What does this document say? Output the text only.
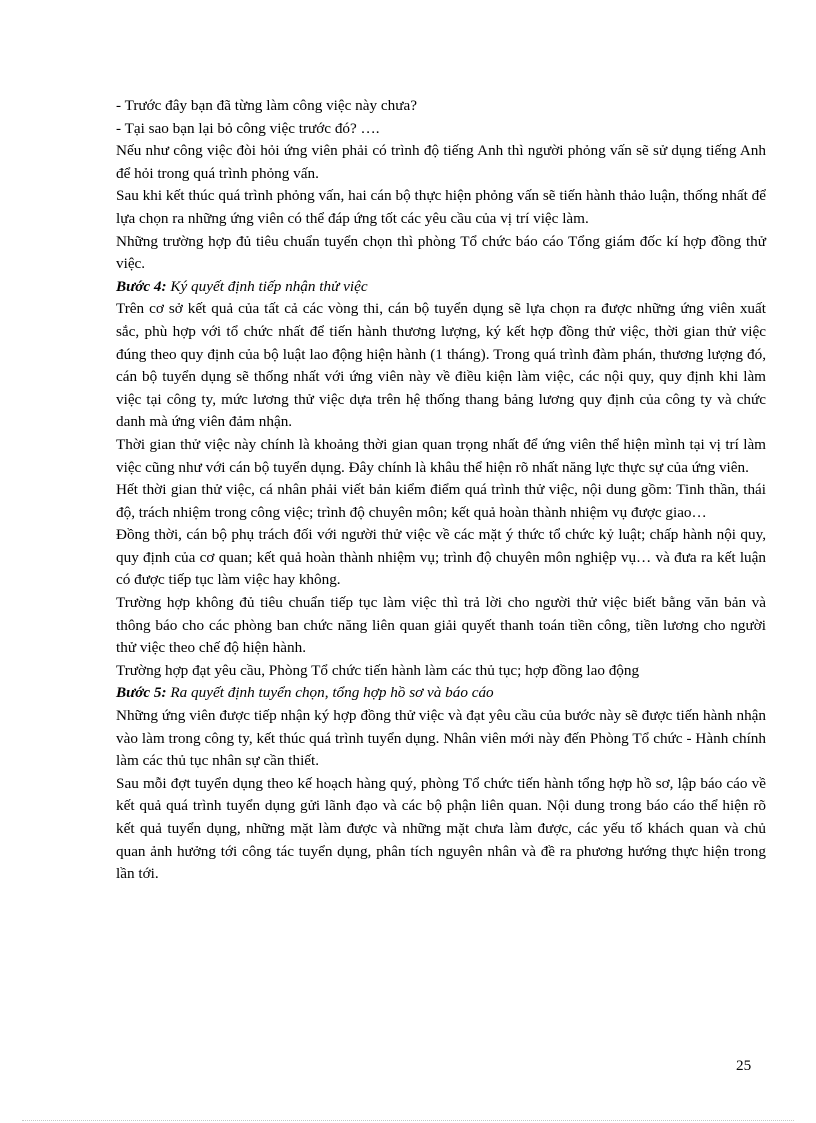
- Trước đây bạn đã từng làm công việc này chưa?

- Tại sao bạn lại bỏ công việc trước đó? ….

Nếu như công việc đòi hỏi ứng viên phải có trình độ tiếng Anh thì người phỏng vấn sẽ sử dụng tiếng Anh để hỏi trong quá trình phỏng vấn.

Sau khi kết thúc quá trình phỏng vấn, hai cán bộ thực hiện phỏng vấn sẽ tiến hành thảo luận, thống nhất để lựa chọn ra những ứng viên có thể đáp ứng tốt các yêu cầu của vị trí việc làm.

Những trường hợp đủ tiêu chuẩn tuyển chọn thì phòng Tổ chức báo cáo Tổng giám đốc kí hợp đồng thử việc.

Bước 4: Ký quyết định tiếp nhận thử việc

Trên cơ sở kết quả của tất cả các vòng thi, cán bộ tuyển dụng sẽ lựa chọn ra được những ứng viên xuất sắc, phù hợp với tổ chức nhất để tiến hành thương lượng, ký kết hợp đồng thử việc, thời gian thử việc đúng theo quy định của bộ luật lao động hiện hành (1 tháng). Trong quá trình đàm phán, thương lượng đó, cán bộ tuyển dụng sẽ thống nhất với ứng viên này về điều kiện làm việc, các nội quy, quy định khi làm việc tại công ty, mức lương thử việc dựa trên hệ thống thang bảng lương quy định của công ty và chức danh mà ứng viên đảm nhận.

Thời gian thử việc này chính là khoảng thời gian quan trọng nhất để ứng viên thể hiện mình tại vị trí làm việc cũng như với cán bộ tuyển dụng. Đây chính là khâu thể hiện rõ nhất năng lực thực sự của ứng viên.

Hết thời gian thử việc, cá nhân phải viết bản kiểm điểm quá trình thử việc, nội dung gồm: Tinh thần, thái độ, trách nhiệm trong công việc; trình độ chuyên môn; kết quả hoàn thành nhiệm vụ được giao…

Đồng thời, cán bộ phụ trách đối với người thử việc về các mặt ý thức tổ chức kỷ luật; chấp hành nội quy, quy định của cơ quan; kết quả hoàn thành nhiệm vụ; trình độ chuyên môn nghiệp vụ… và đưa ra kết luận có được tiếp tục làm việc hay không.

Trường hợp không đủ tiêu chuẩn tiếp tục làm việc thì trả lời cho người thử việc biết bằng văn bản và thông báo cho các phòng ban chức năng liên quan giải quyết thanh toán tiền công, tiền lương cho người thử việc theo chế độ hiện hành.

Trường hợp đạt yêu cầu, Phòng Tổ chức tiến hành làm các thủ tục; hợp đồng lao động

Bước 5: Ra quyết định tuyển chọn, tổng hợp hồ sơ và báo cáo

Những ứng viên được tiếp nhận ký hợp đồng thử việc và đạt yêu cầu của bước này sẽ được tiến hành nhận vào làm trong công ty, kết thúc quá trình tuyển dụng. Nhân viên mới này đến Phòng Tổ chức - Hành chính làm các thủ tục nhân sự cần thiết.

Sau mỗi đợt tuyển dụng theo kế hoạch hàng quý, phòng Tổ chức tiến hành tổng hợp hồ sơ, lập báo cáo về kết quả quá trình tuyển dụng gửi lãnh đạo và các bộ phận liên quan. Nội dung trong báo cáo thể hiện rõ kết quả tuyển dụng, những mặt làm được và những mặt chưa làm được, các yếu tố khách quan và chủ quan ảnh hưởng tới công tác tuyển dụng, phân tích nguyên nhân và đề ra phương hướng thực hiện trong lần tới.

25
